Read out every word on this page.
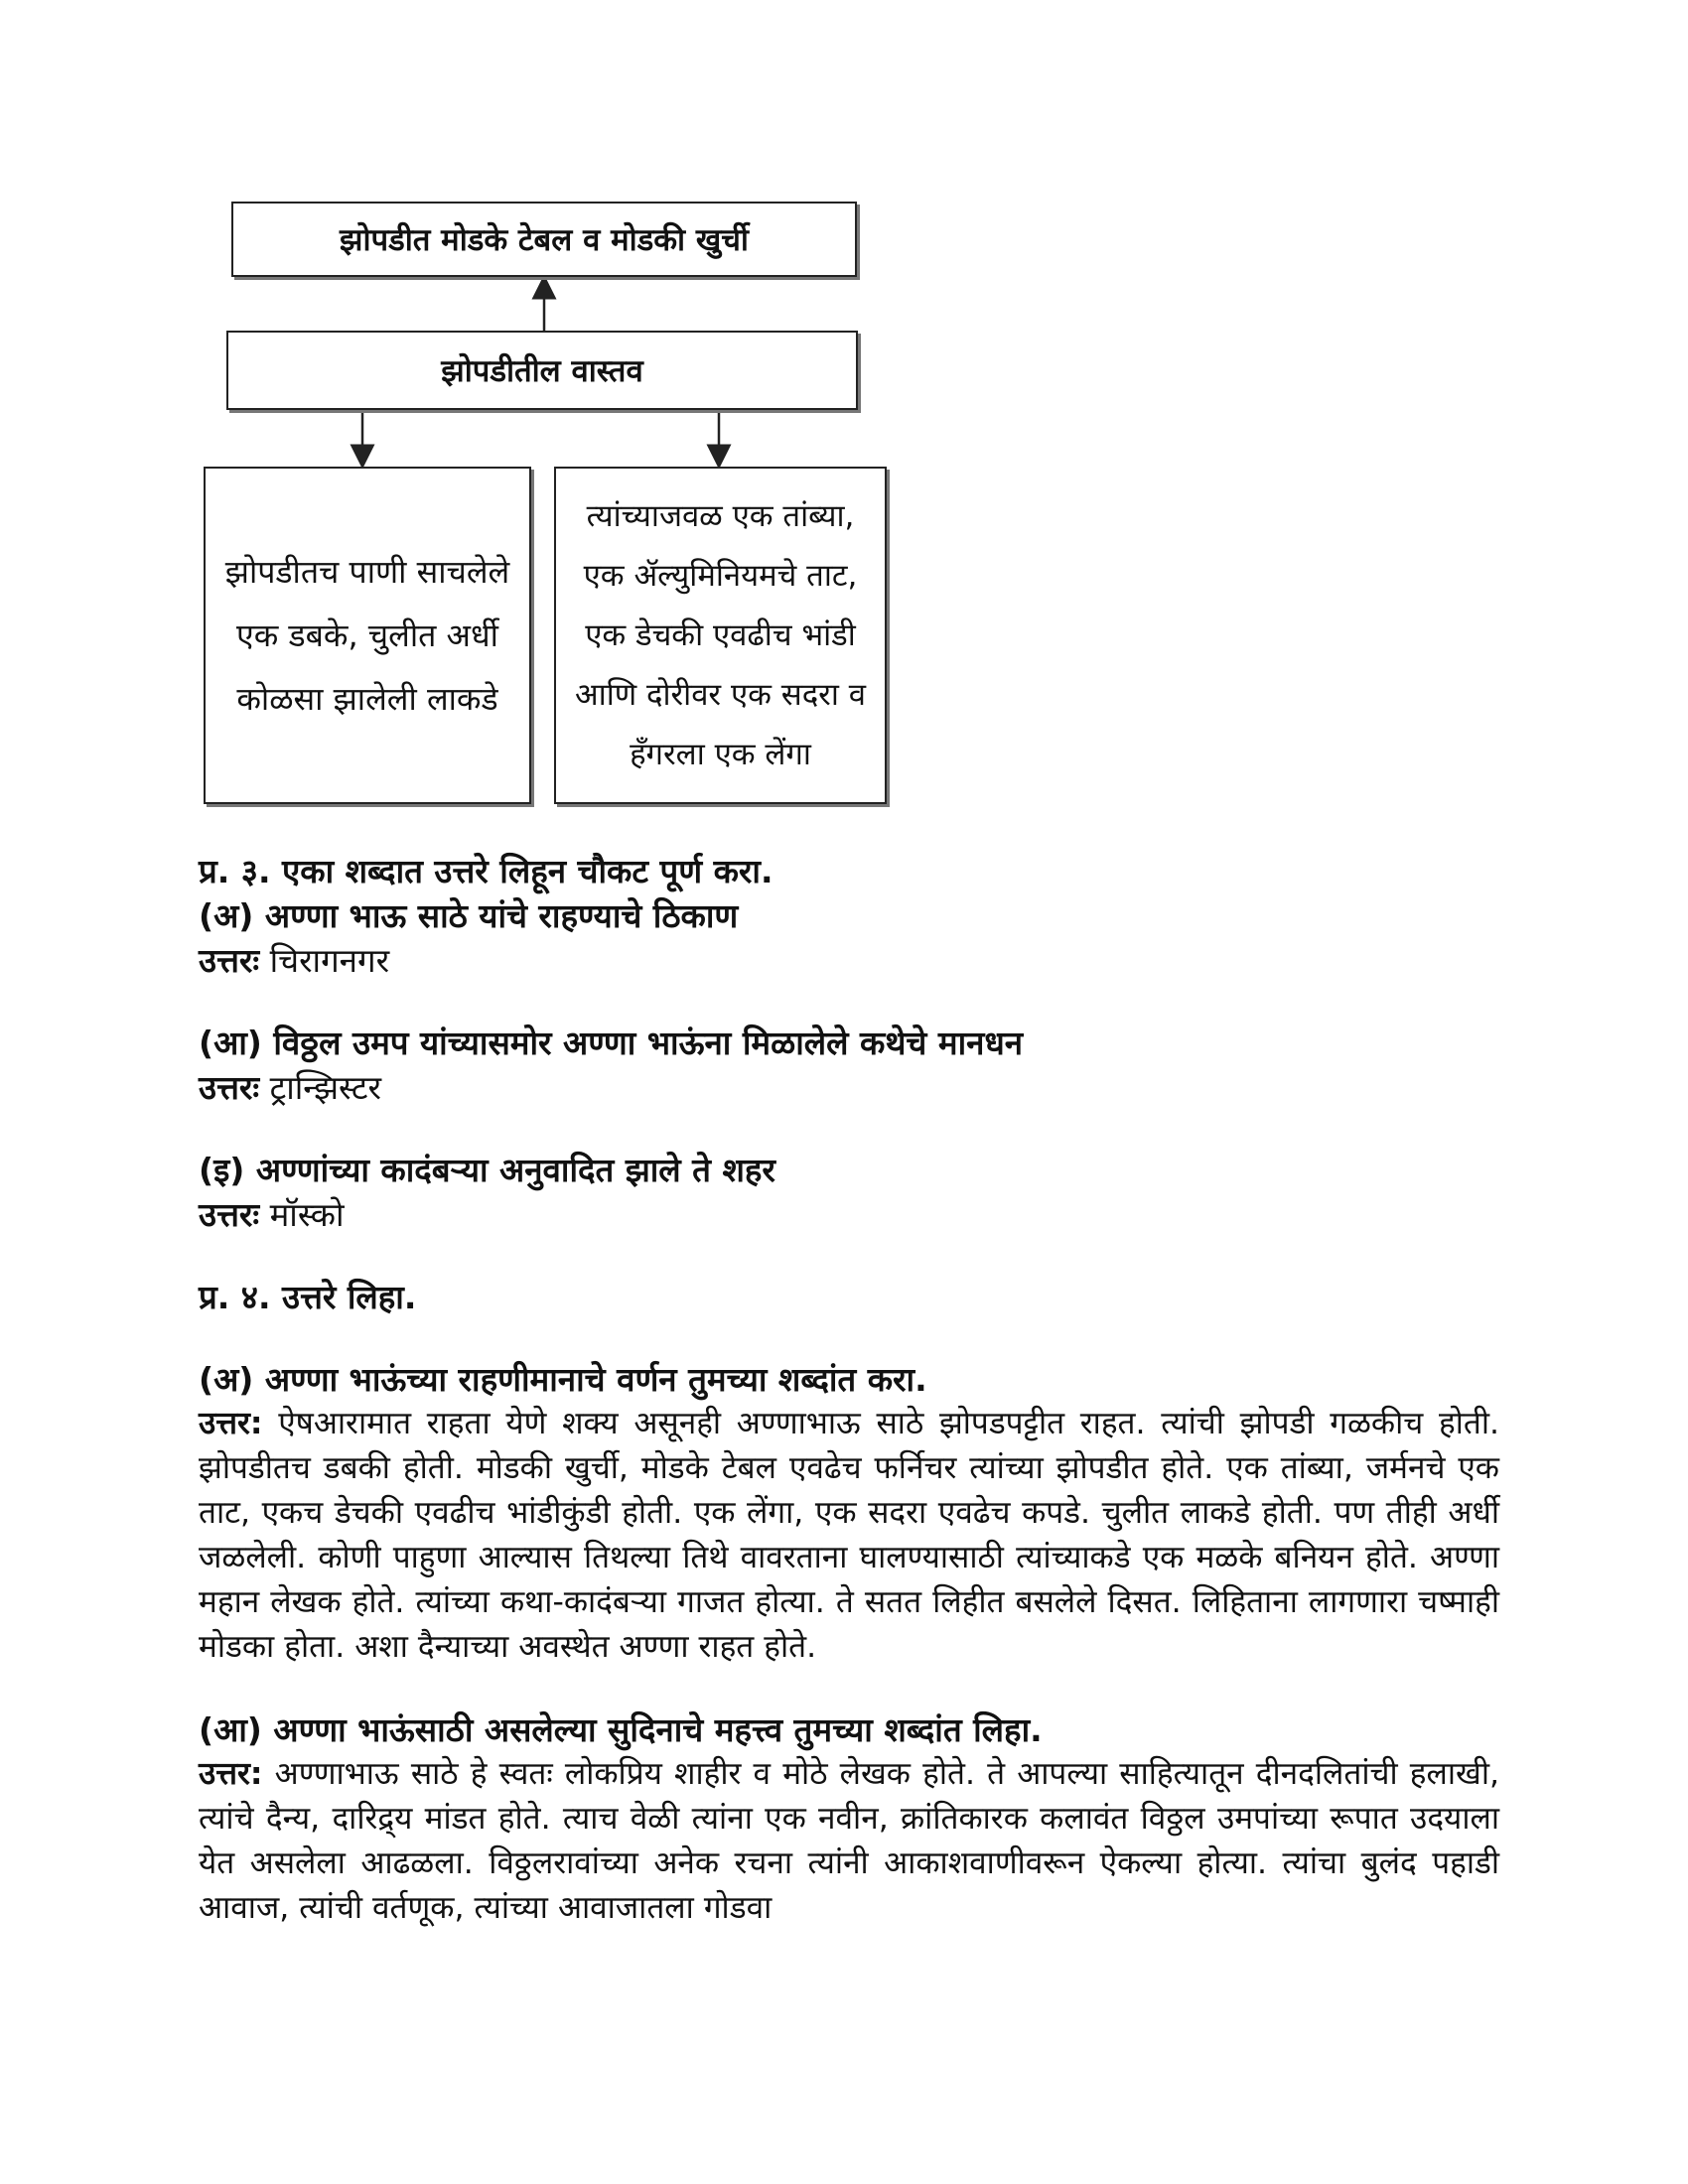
झोपडीत मोडके टेबल व मोडकी खुर्ची
झोपडीतील वास्तव
झोपडीतच पाणी साचलेले एक डबके, चुलीत अर्धी कोळसा झालेली लाकडे
त्यांच्याजवळ एक तांब्या, एक ॲल्युमिनियमचे ताट, एक डेचकी एवढीच भांडी आणि दोरीवर एक सदरा व हँगरला एक लेंगा

प्र. ३. एका शब्दात उत्तरे लिहून चौकट पूर्ण करा.

(अ) अण्णा भाऊ साठे यांचे राहण्याचे ठिकाण

उत्तरः चिरागनगर

(आ) विठ्ठल उमप यांच्यासमोर अण्णा भाऊंना मिळालेले कथेचे मानधन

उत्तरः ट्रान्झिस्टर

(इ) अण्णांच्या कादंबऱ्या अनुवादित झाले ते शहर

उत्तरः मॉस्को

प्र. ४. उत्तरे लिहा.

(अ) अण्णा भाऊंच्या राहणीमानाचे वर्णन तुमच्या शब्दांत करा.

उत्तर: ऐषआरामात राहता येणे शक्य असूनही अण्णाभाऊ साठे झोपडपट्टीत राहत. त्यांची झोपडी गळकीच होती. झोपडीतच डबकी होती. मोडकी खुर्ची, मोडके टेबल एवढेच फर्निचर त्यांच्या झोपडीत होते. एक तांब्या, जर्मनचे एक ताट, एकच डेचकी एवढीच भांडीकुंडी होती. एक लेंगा, एक सदरा एवढेच कपडे. चुलीत लाकडे होती. पण तीही अर्धी जळलेली. कोणी पाहुणा आल्यास तिथल्या तिथे वावरताना घालण्यासाठी त्यांच्याकडे एक मळके बनियन होते. अण्णा महान लेखक होते. त्यांच्या कथा-कादंबऱ्या गाजत होत्या. ते सतत लिहीत बसलेले दिसत. लिहिताना लागणारा चष्माही मोडका होता. अशा दैन्याच्या अवस्थेत अण्णा राहत होते.

(आ) अण्णा भाऊंसाठी असलेल्या सुदिनाचे महत्त्व तुमच्या शब्दांत लिहा.

उत्तर: अण्णाभाऊ साठे हे स्वतः लोकप्रिय शाहीर व मोठे लेखक होते. ते आपल्या साहित्यातून दीनदलितांची हलाखी, त्यांचे दैन्य, दारिद्र्य मांडत होते. त्याच वेळी त्यांना एक नवीन, क्रांतिकारक कलावंत विठ्ठल उमपांच्या रूपात उदयाला येत असलेला आढळला. विठ्ठलरावांच्या अनेक रचना त्यांनी आकाशवाणीवरून ऐकल्या होत्या. त्यांचा बुलंद पहाडी आवाज, त्यांची वर्तणूक, त्यांच्या आवाजातला गोडवा
